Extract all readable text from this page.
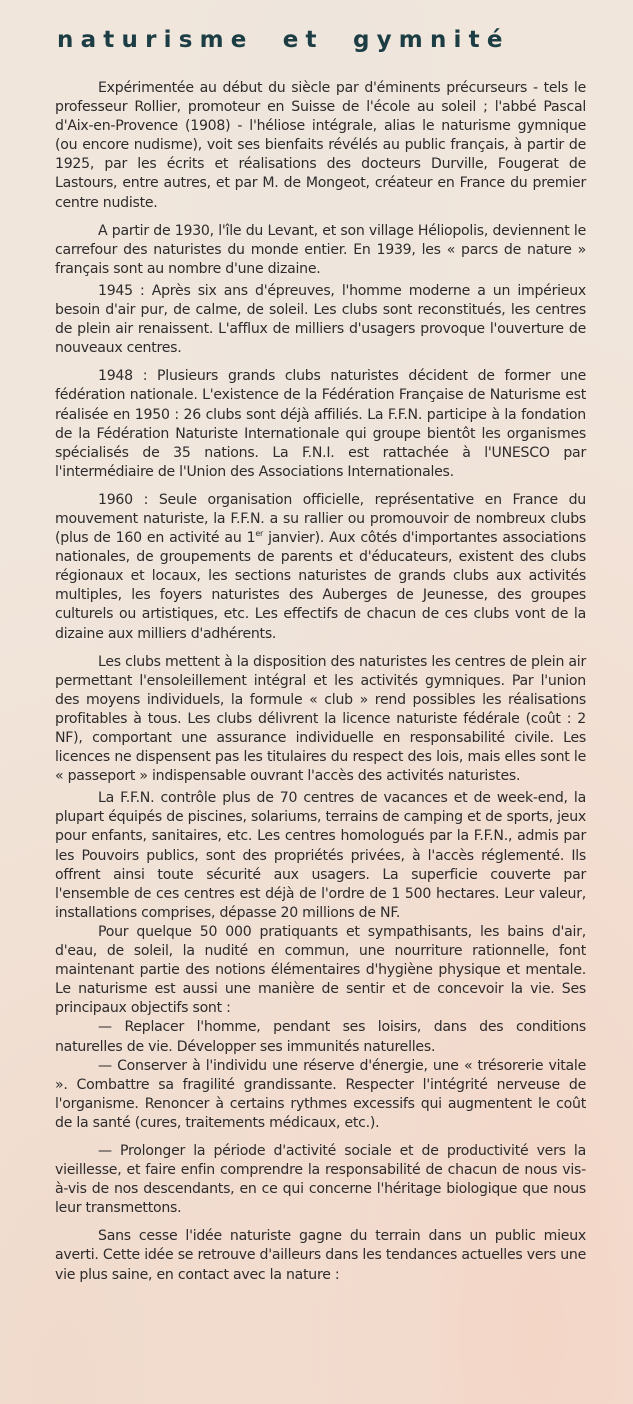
naturisme et gymnité

Expérimentée au début du siècle par d'éminents précurseurs - tels le professeur Rollier, promoteur en Suisse de l'école au soleil ; l'abbé Pascal d'Aix-en-Provence (1908) - l'héliose intégrale, alias le naturisme gymnique (ou encore nudisme), voit ses bienfaits révélés au public français, à partir de 1925, par les écrits et réalisations des docteurs Durville, Fougerat de Lastours, entre autres, et par M. de Mongeot, créateur en France du premier centre nudiste.

A partir de 1930, l'île du Levant, et son village Héliopolis, deviennent le carrefour des naturistes du monde entier. En 1939, les « parcs de nature » français sont au nombre d'une dizaine.

1945 : Après six ans d'épreuves, l'homme moderne a un impérieux besoin d'air pur, de calme, de soleil. Les clubs sont reconstitués, les centres de plein air renaissent. L'afflux de milliers d'usagers provoque l'ouverture de nouveaux centres.

1948 : Plusieurs grands clubs naturistes décident de former une fédération nationale. L'existence de la Fédération Française de Naturisme est réalisée en 1950 : 26 clubs sont déjà affiliés. La F.F.N. participe à la fondation de la Fédération Naturiste Internationale qui groupe bientôt les organismes spécialisés de 35 nations. La F.N.I. est rattachée à l'UNESCO par l'intermédiaire de l'Union des Associations Internationales.

1960 : Seule organisation officielle, représentative en France du mouvement naturiste, la F.F.N. a su rallier ou promouvoir de nombreux clubs (plus de 160 en activité au 1er janvier). Aux côtés d'importantes associations nationales, de groupements de parents et d'éducateurs, existent des clubs régionaux et locaux, les sections naturistes de grands clubs aux activités multiples, les foyers naturistes des Auberges de Jeunesse, des groupes culturels ou artistiques, etc. Les effectifs de chacun de ces clubs vont de la dizaine aux milliers d'adhérents.

Les clubs mettent à la disposition des naturistes les centres de plein air permettant l'ensoleillement intégral et les activités gymniques. Par l'union des moyens individuels, la formule « club » rend possibles les réalisations profitables à tous. Les clubs délivrent la licence naturiste fédérale (coût : 2 NF), comportant une assurance individuelle en responsabilité civile. Les licences ne dispensent pas les titulaires du respect des lois, mais elles sont le « passeport » indispensable ouvrant l'accès des activités naturistes.

La F.F.N. contrôle plus de 70 centres de vacances et de week-end, la plupart équipés de piscines, solariums, terrains de camping et de sports, jeux pour enfants, sanitaires, etc. Les centres homologués par la F.F.N., admis par les Pouvoirs publics, sont des propriétés privées, à l'accès réglementé. Ils offrent ainsi toute sécurité aux usagers. La superficie couverte par l'ensemble de ces centres est déjà de l'ordre de 1 500 hectares. Leur valeur, installations comprises, dépasse 20 millions de NF.

Pour quelque 50 000 pratiquants et sympathisants, les bains d'air, d'eau, de soleil, la nudité en commun, une nourriture rationnelle, font maintenant partie des notions élémentaires d'hygiène physique et mentale. Le naturisme est aussi une manière de sentir et de concevoir la vie. Ses principaux objectifs sont :

— Replacer l'homme, pendant ses loisirs, dans des conditions naturelles de vie. Développer ses immunités naturelles.

— Conserver à l'individu une réserve d'énergie, une « trésorerie vitale ». Combattre sa fragilité grandissante. Respecter l'intégrité nerveuse de l'organisme. Renoncer à certains rythmes excessifs qui augmentent le coût de la santé (cures, traitements médicaux, etc.).

— Prolonger la période d'activité sociale et de productivité vers la vieillesse, et faire enfin comprendre la responsabilité de chacun de nous vis-à-vis de nos descendants, en ce qui concerne l'héritage biologique que nous leur transmettons.

Sans cesse l'idée naturiste gagne du terrain dans un public mieux averti. Cette idée se retrouve d'ailleurs dans les tendances actuelles vers une vie plus saine, en contact avec la nature :
